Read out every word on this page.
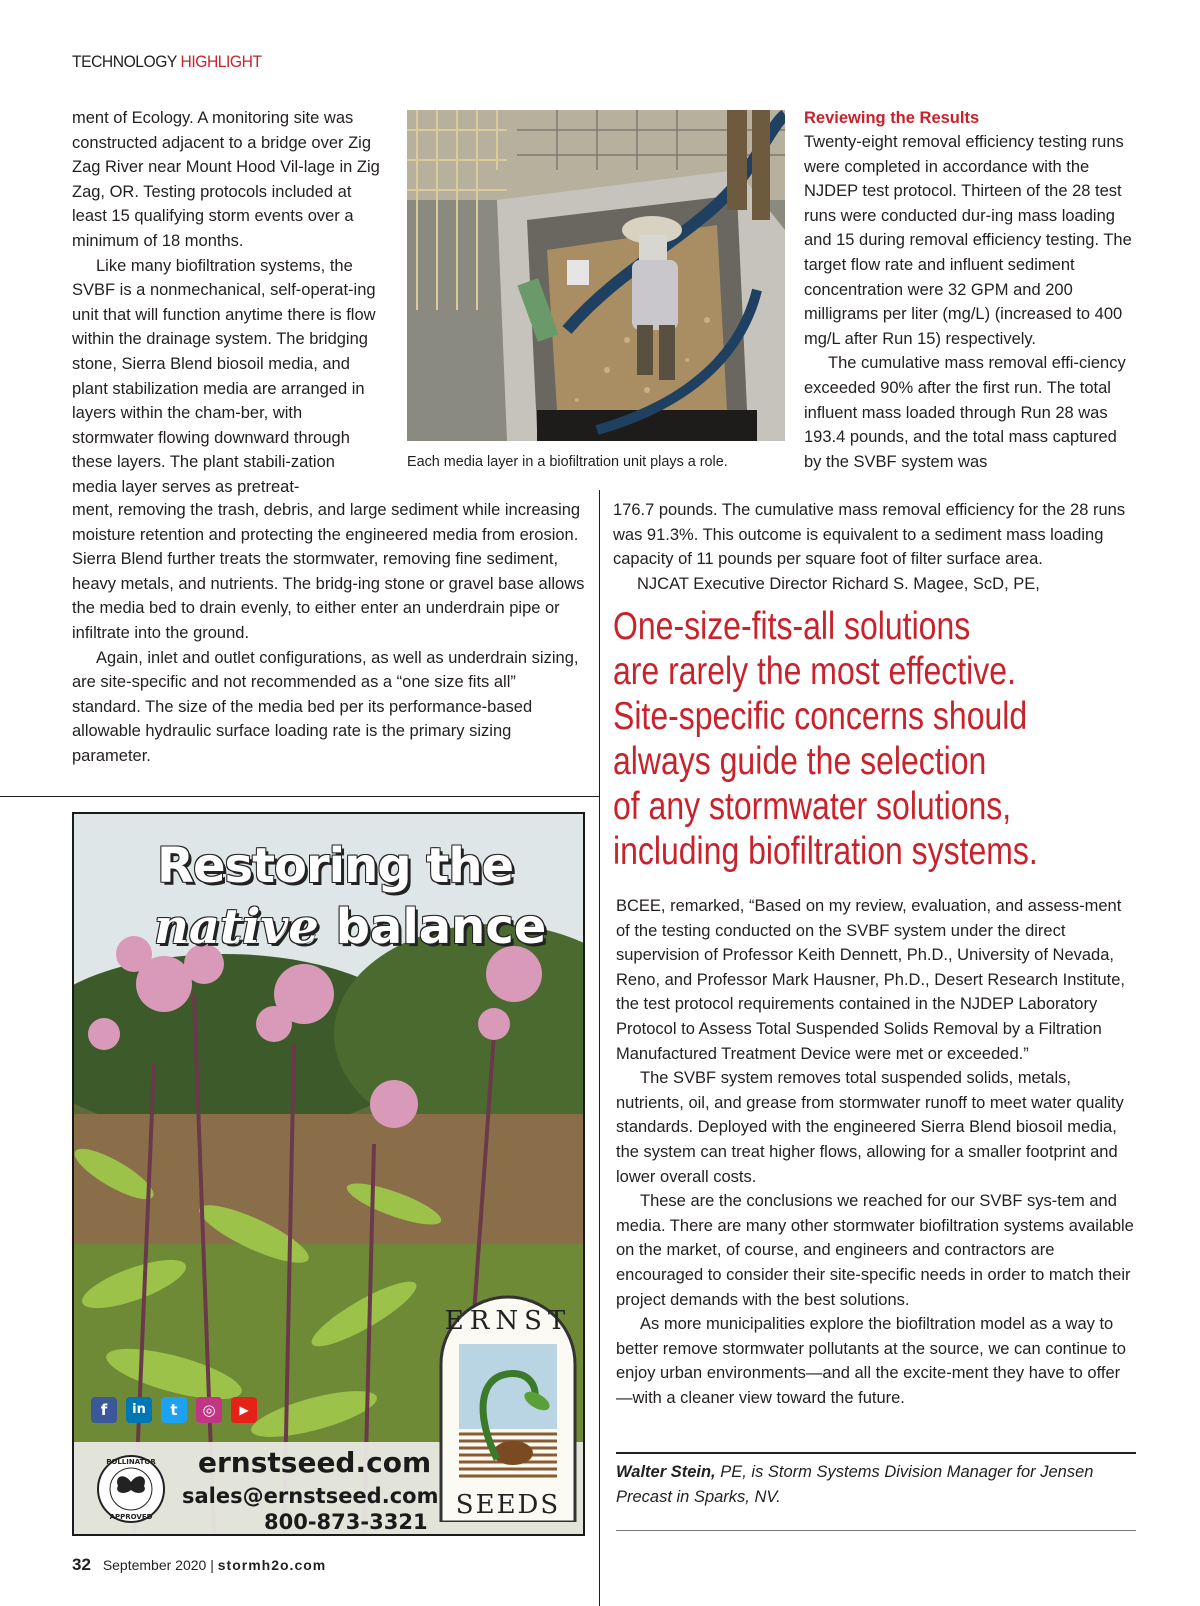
TECHNOLOGY HIGHLIGHT

ment of Ecology. A monitoring site was constructed adjacent to a bridge over Zig Zag River near Mount Hood Vil-lage in Zig Zag, OR. Testing protocols included at least 15 qualifying storm events over a minimum of 18 months.

Like many biofiltration systems, the SVBF is a nonmechanical, self-operat-ing unit that will function anytime there is flow within the drainage system. The bridging stone, Sierra Blend biosoil media, and plant stabilization media are arranged in layers within the cham-ber, with stormwater flowing downward through these layers. The plant stabili-zation media layer serves as pretreat-

Each media layer in a biofiltration unit plays a role.
Reviewing the Results

Twenty-eight removal efficiency testing runs were completed in accordance with the NJDEP test protocol. Thirteen of the 28 test runs were conducted dur-ing mass loading and 15 during removal efficiency testing. The target flow rate and influent sediment concentration were 32 GPM and 200 milligrams per liter (mg/L) (increased to 400 mg/L after Run 15) respectively.

The cumulative mass removal effi-ciency exceeded 90% after the first run. The total influent mass loaded through Run 28 was 193.4 pounds, and the total mass captured by the SVBF system was

ment, removing the trash, debris, and large sediment while increasing moisture retention and protecting the engineered media from erosion. Sierra Blend further treats the stormwater, removing fine sediment, heavy metals, and nutrients. The bridg-ing stone or gravel base allows the media bed to drain evenly, to either enter an underdrain pipe or infiltrate into the ground.

Again, inlet and outlet configurations, as well as underdrain sizing, are site-specific and not recommended as a “one size fits all” standard. The size of the media bed per its performance-based allowable hydraulic surface loading rate is the primary sizing parameter.

176.7 pounds. The cumulative mass removal efficiency for the 28 runs was 91.3%. This outcome is equivalent to a sediment mass loading capacity of 11 pounds per square foot of filter surface area.

NJCAT Executive Director Richard S. Magee, ScD, PE,

One-size-fits-all solutions
are rarely the most effective.
Site-specific concerns should
always guide the selection
of any stormwater solutions,
including biofiltration systems.

BCEE, remarked, “Based on my review, evaluation, and assess-ment of the testing conducted on the SVBF system under the direct supervision of Professor Keith Dennett, Ph.D., University of Nevada, Reno, and Professor Mark Hausner, Ph.D., Desert Research Institute, the test protocol requirements contained in the NJDEP Laboratory Protocol to Assess Total Suspended Solids Removal by a Filtration Manufactured Treatment Device were met or exceeded.”

The SVBF system removes total suspended solids, metals, nutrients, oil, and grease from stormwater runoff to meet water quality standards. Deployed with the engineered Sierra Blend biosoil media, the system can treat higher flows, allowing for a smaller footprint and lower overall costs.

These are the conclusions we reached for our SVBF sys-tem and media. There are many other stormwater biofiltration systems available on the market, of course, and engineers and contractors are encouraged to consider their site-specific needs in order to match their project demands with the best solutions.

As more municipalities explore the biofiltration model as a way to better remove stormwater pollutants at the source, we can continue to enjoy urban environments—and all the excite-ment they have to offer—with a cleaner view toward the future.

Walter Stein, PE, is Storm Systems Division Manager for Jensen Precast in Sparks, NV.
Restoring the
native balance
f	in	t	◎	▶
ernstseed.com
sales@ernstseed.com
800-873-3321
POLLINATOR
APPROVED
ERNST
SEEDS
32 September 2020 | stormh2o.com
